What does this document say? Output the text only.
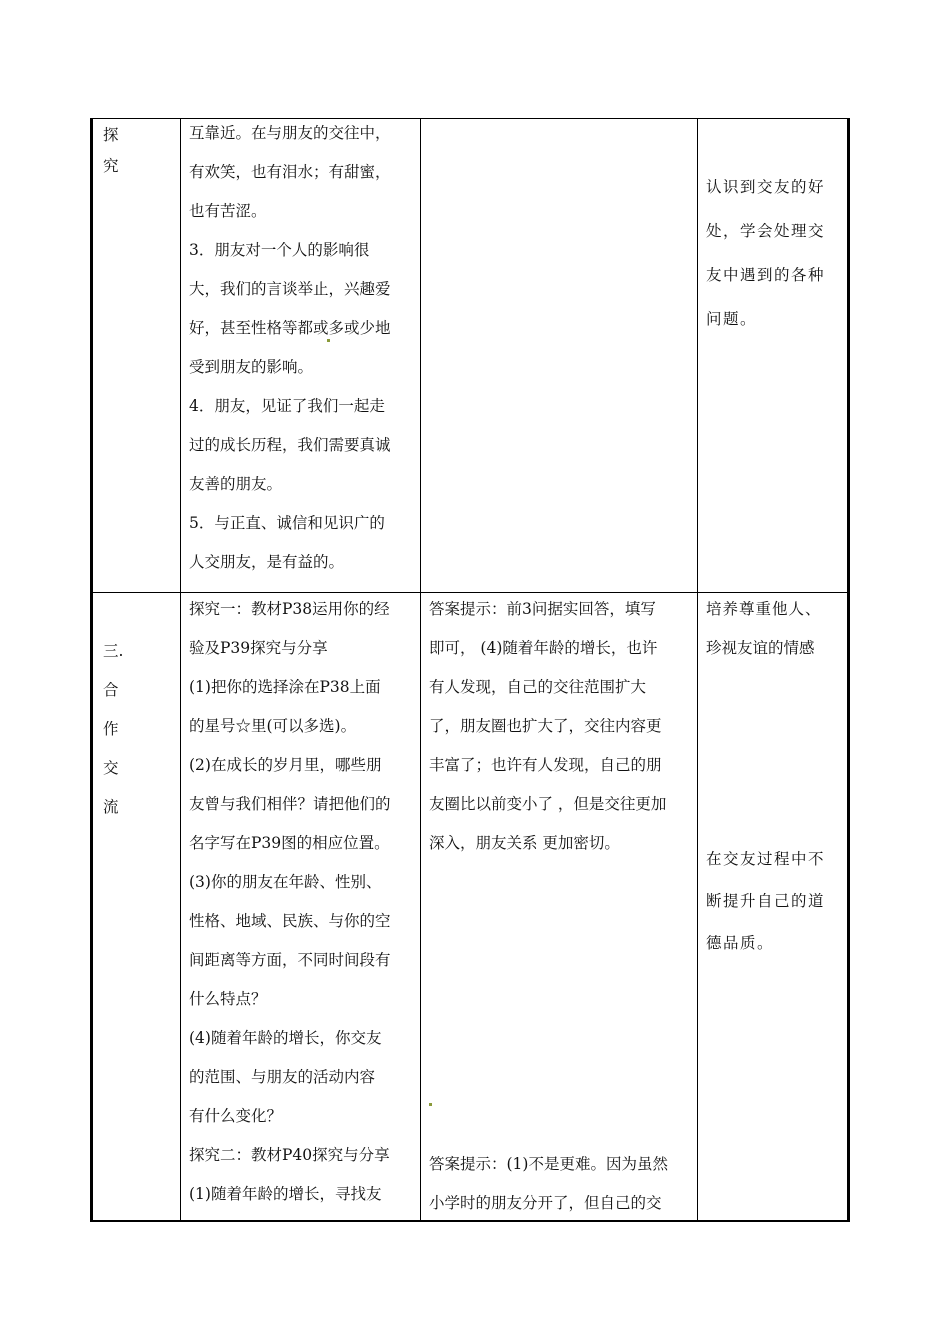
探
究

互靠近。在与朋友的交往中，

有欢笑，也有泪水；有甜蜜，

也有苦涩。

3．朋友对一个人的影响很

大，我们的言谈举止，兴趣爱

好，甚至性格等都或多或少地

受到朋友的影响。

4．朋友，见证了我们一起走

过的成长历程，我们需要真诚

友善的朋友。

5．与正直、诚信和见识广的

人交朋友，是有益的。

认识到交友的好

处，学会处理交

友中遇到的各种

问题。

三.
合
作
交
流

探究一：教材P38运用你的经

验及P39探究与分享

(1)把你的选择涂在P38上面

的星号☆里(可以多选)。

(2)在成长的岁月里，哪些朋

友曾与我们相伴？请把他们的

名字写在P39图的相应位置。

(3)你的朋友在年龄、性别、

性格、地域、民族、与你的空

间距离等方面，不同时间段有

什么特点？

(4)随着年龄的增长，你交友

的范围、与朋友的活动内容

有什么变化？

探究二：教材P40探究与分享

(1)随着年龄的增长，寻找友

答案提示：前3问据实回答，填写

即可， (4)随着年龄的增长，也许

有人发现，自己的交往范围扩大

了，朋友圈也扩大了，交往内容更

丰富了；也许有人发现，自己的朋

友圈比以前变小了 ，但是交往更加

深入，朋友关系 更加密切。

答案提示：(1)不是更难。因为虽然

小学时的朋友分开了，但自己的交

培养尊重他人、

珍视友谊的情感

在交友过程中不

断提升自己的道

德品质。
